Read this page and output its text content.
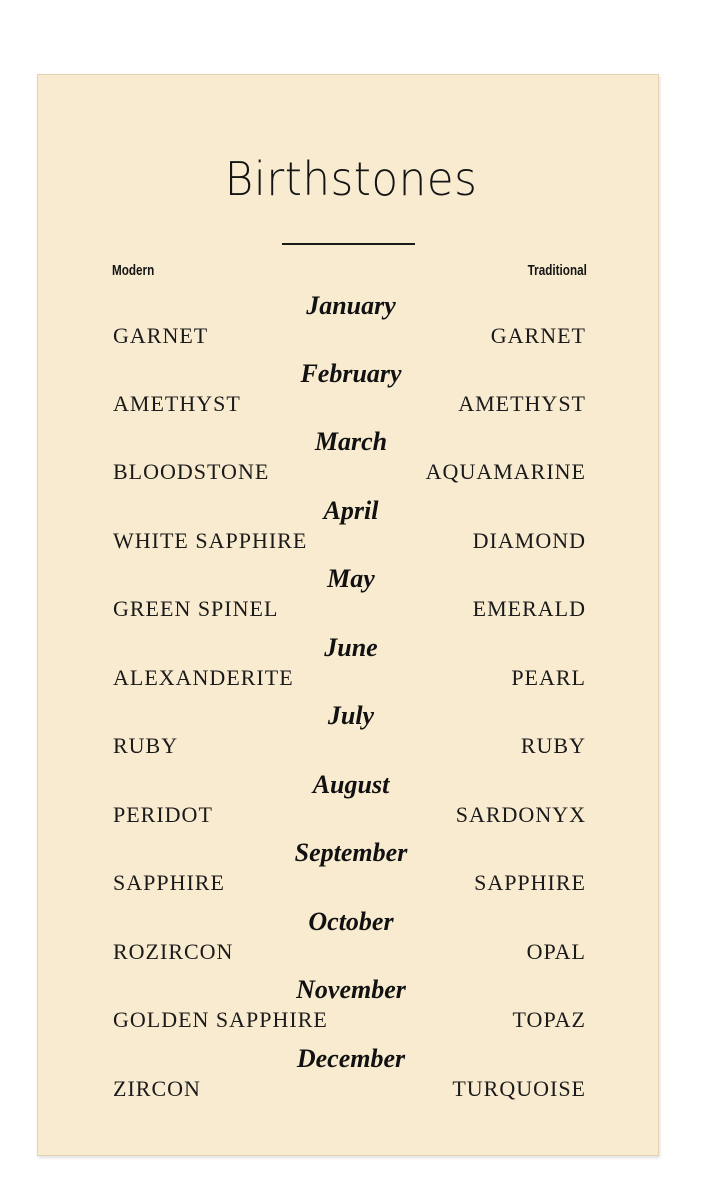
Birthstones
Modern	Traditional
January
GARNET	GARNET
February
AMETHYST	AMETHYST
March
BLOODSTONE	AQUAMARINE
April
WHITE SAPPHIRE	DIAMOND
May
GREEN SPINEL	EMERALD
June
ALEXANDERITE	PEARL
July
RUBY	RUBY
August
PERIDOT	SARDONYX
September
SAPPHIRE	SAPPHIRE
October
ROZIRCON	OPAL
November
GOLDEN SAPPHIRE	TOPAZ
December
ZIRCON	TURQUOISE
